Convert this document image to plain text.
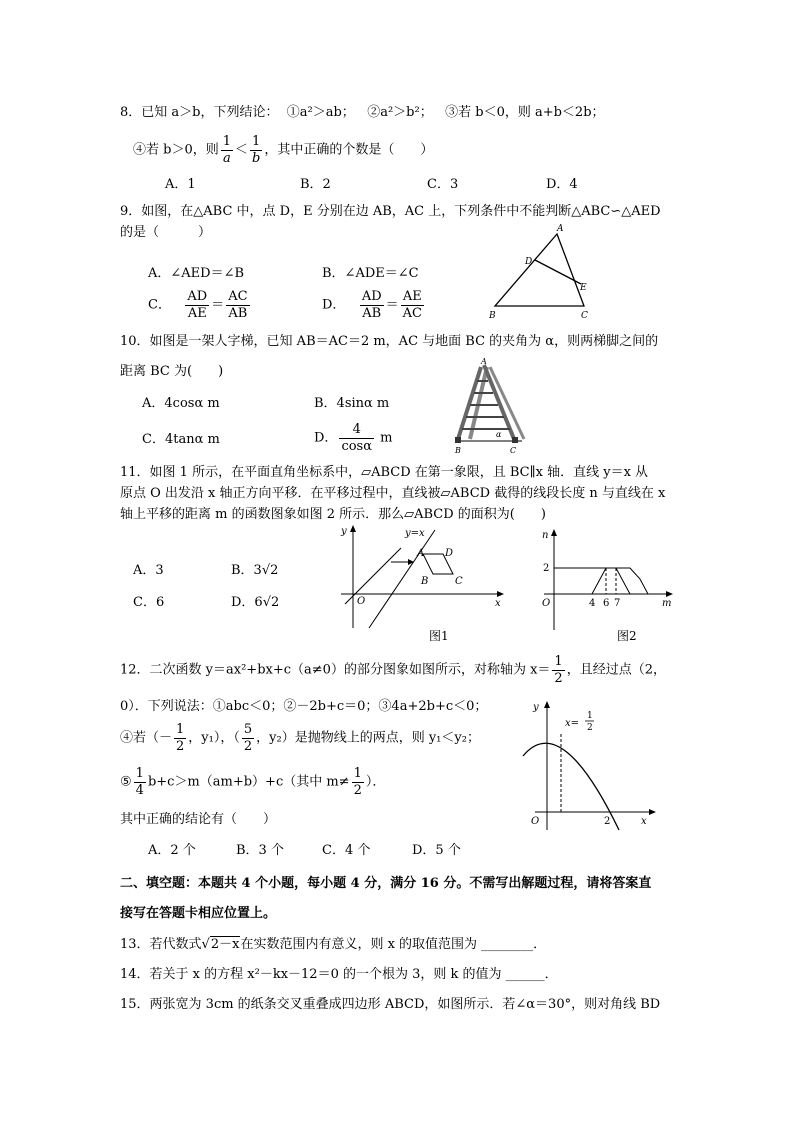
8．已知 a＞b，下列结论： ①a²＞ab； ②a²＞b²； ③若 b＜0，则 a+b＜2b；
④若 b＞0，则 $\frac{1}{a} < \frac{1}{b}$ ，其中正确的个数是（　　）
A．1	B．2	C．3	D．4
9．如图，在△ABC 中，点 D，E 分别在边 AB，AC 上，下列条件中不能判断△ABC∽△AED
的是（　　　）
A．∠AED＝∠B	B．∠ADE＝∠C
C． $\frac{AD}{AE} = \frac{AC}{AB}$	D． $\frac{AD}{AB} = \frac{AE}{AC}$
A
D
E
B	C
10．如图是一架人字梯，已知 AB＝AC＝2 m，AC 与地面 BC 的夹角为 α，则两梯脚之间的
距离 BC 为(　　)
A．4cosα m	B．4sinα m
C．4tanα m	D． $\frac{4}{\cos\alpha}$ m
A
B	C
α
11．如图 1 所示，在平面直角坐标系中，▱ABCD 在第一象限，且 BC∥x 轴．直线 y＝x 从
原点 O 出发沿 x 轴正方向平移．在平移过程中，直线被▱ABCD 截得的线段长度 n 与直线在 x
轴上平移的距离 m 的函数图象如图 2 所示．那么▱ABCD 的面积为(　　)
A．3	B．3√2
C．6	D．6√2
y	y=x
A D
B	C
O	x
图1
n
2
O	4 6 7	m
图2
12．二次函数 y＝ax²+bx+c（a≠0）的部分图象如图所示，对称轴为 $x= \frac{1}{2}$ ，且经过点（2，
0）．下列说法：①abc＜0；②－2b+c＝0；③4a+2b+c＜0；
④若（－ $\frac{1}{2}$ ，y₁），（ $\frac{5}{2}$ ，y₂）是抛物线上的两点，则 y₁＜y₂；
⑤ $\frac{1}{4} b+c>m(am+b)+c$（其中 $m\ne \frac{1}{2}$ ）．
其中正确的结论有（　　）
A．2 个	B．3 个	C．4 个	D．5 个
y
x=
1
2
O	2	x
二、填空题：本题共 4 个小题，每小题 4 分，满分 16 分。不需写出解题过程，请将答案直
接写在答题卡相应位置上。
13．若代数式√2－x在实数范围内有意义，则 x 的取值范围为 ________．
14．若关于 x 的方程 x²－kx－12＝0 的一个根为 3，则 k 的值为 ______．
15．两张宽为 3cm 的纸条交叉重叠成四边形 ABCD，如图所示．若∠α＝30°，则对角线 BD
